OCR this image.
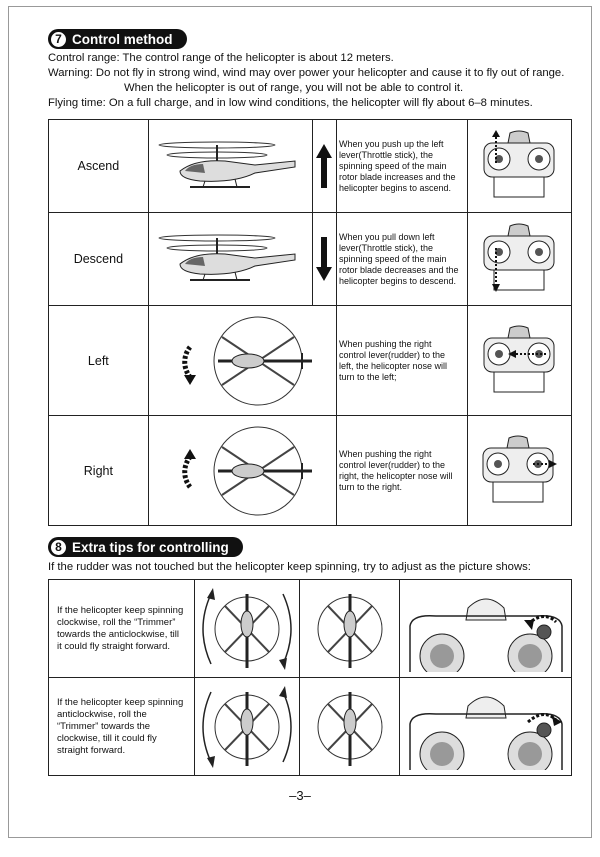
7 Control method

Control range: The control range of the helicopter is about 12 meters.

Warning: Do not fly in strong wind, wind may over power your helicopter and cause it to fly out of range.

When the helicopter is out of range, you will not be able to control it.

Flying time: On a full charge, and in low wind conditions, the helicopter will fly about 6–8 minutes.

Ascend			When you push up the left lever(Throttle stick), the spinning speed of the main rotor blade increases and the helicopter begins to ascend.	

Descend			When you pull down left lever(Throttle stick), the spinning speed of the main rotor blade decreases and the helicopter begins to descend.	

Left			When pushing the right control lever(rudder) to the left, the helicopter nose will turn to the left;	

Right			When pushing the right control lever(rudder) to the right, the helicopter nose will turn to the right.	
8 Extra tips for controlling
If the rudder was not touched but the helicopter keep spinning, try to adjust as the picture shows:
If the helicopter keep spinning clockwise, roll the “Trimmer” towards the anticlockwise, till it could fly straight forward.	

If the helicopter keep spinning anticlockwise, roll the “Trimmer” towards the clockwise, till it could fly straight forward.	

–3–
